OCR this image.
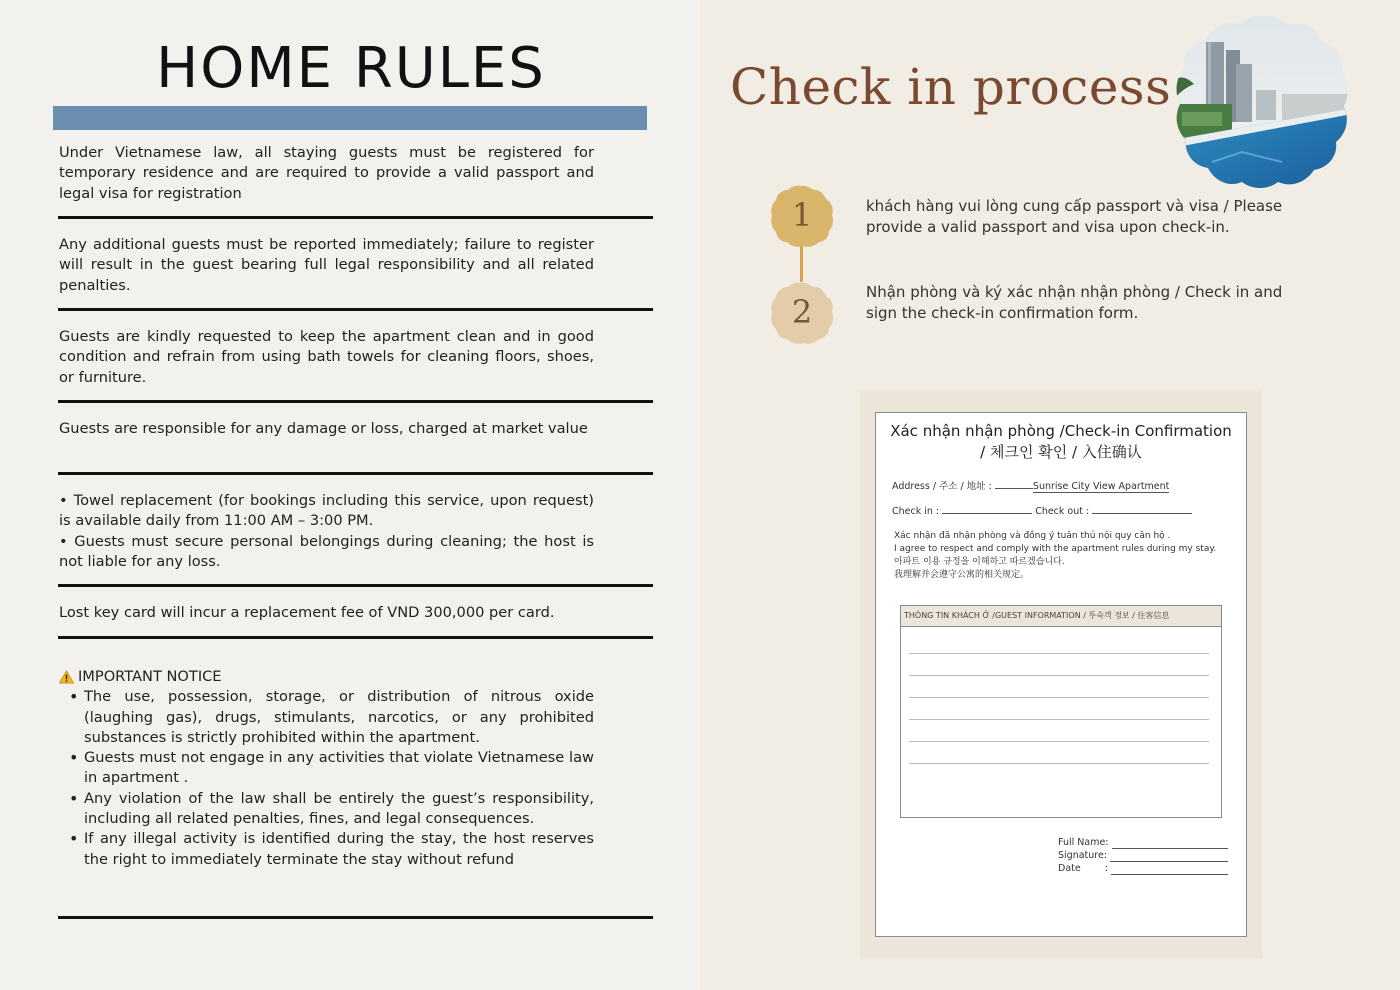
HOME RULES

Under Vietnamese law, all staying guests must be registered for temporary residence and are required to provide a valid passport and legal visa for registration

Any additional guests must be reported immediately; failure to register will result in the guest bearing full legal responsibility and all related penalties.

Guests are kindly requested to keep the apartment clean and in good condition and refrain from using bath towels for cleaning floors, shoes, or furniture.

Guests are responsible for any damage or loss, charged at market value

• Towel replacement (for bookings including this service, upon request) is available daily from 11:00 AM – 3:00 PM.

• Guests must secure personal belongings during cleaning; the host is not liable for any loss.

Lost key card will incur a replacement fee of VND 300,000 per card.

IMPORTANT NOTICE
• The use, possession, storage, or distribution of nitrous oxide (laughing gas), drugs, stimulants, narcotics, or any prohibited substances is strictly prohibited within the apartment.
• Guests must not engage in any activities that violate Vietnamese law in apartment .
• Any violation of the law shall be entirely the guest’s responsibility, including all related penalties, fines, and legal consequences.
• If any illegal activity is identified during the stay, the host reserves the right to immediately terminate the stay without refund
Check in process
1
2
khách hàng vui lòng cung cấp passport và visa / Please provide a valid passport and visa upon check-in.
Nhận phòng và ký xác nhận nhận phòng / Check in and sign the check-in confirmation form.
Xác nhận nhận phòng /Check-in Confirmation
/ 체크인 확인 / 入住确认
Address / 주소 / 地址 :	Sunrise City View Apartment
Check in :	Check out :
Xác nhận đã nhận phòng và đồng ý tuân thủ nội quy căn hộ .
I agree to respect and comply with the apartment rules during my stay.
아파트 이용 규정을 이해하고 따르겠습니다.
我理解并会遵守公寓的相关规定。
THÔNG TIN KHÁCH Ở /GUEST INFORMATION / 투숙객 정보 / 住客信息
Full Name:
Signature:
Date        :
